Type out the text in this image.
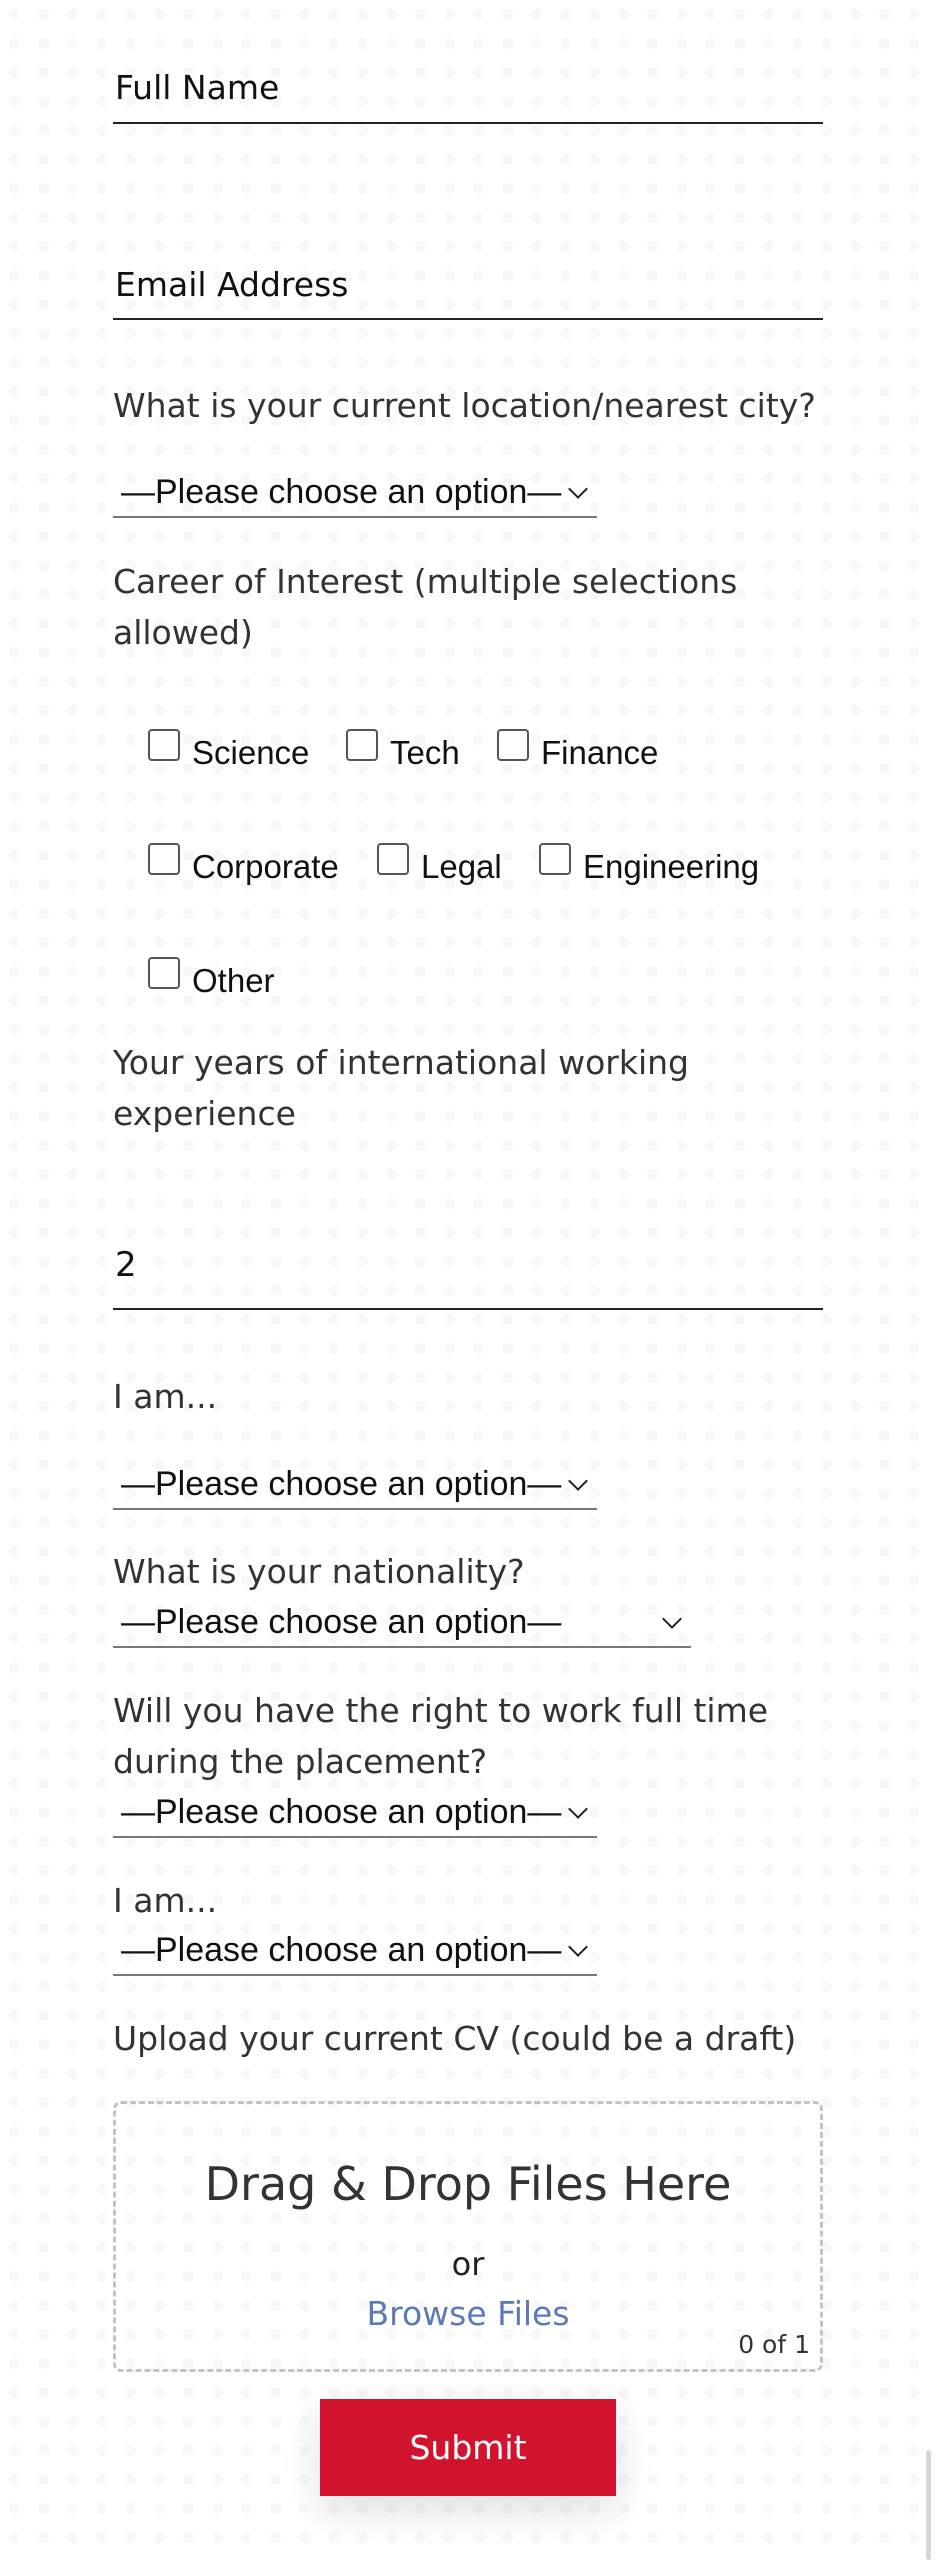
Full Name
Email Address

What is your current location/nearest city?

—Please choose an option—

Career of Interest (multiple selections allowed)

Science Tech Finance
Corporate Legal Engineering
Other

Your years of international working experience

2

I am...

—Please choose an option—

What is your nationality?

—Please choose an option—

Will you have the right to work full time during the placement?

—Please choose an option—

I am...

—Please choose an option—

Upload your current CV (could be a draft)

Drag & Drop Files Here
or
Browse Files
0 of 1
Submit
